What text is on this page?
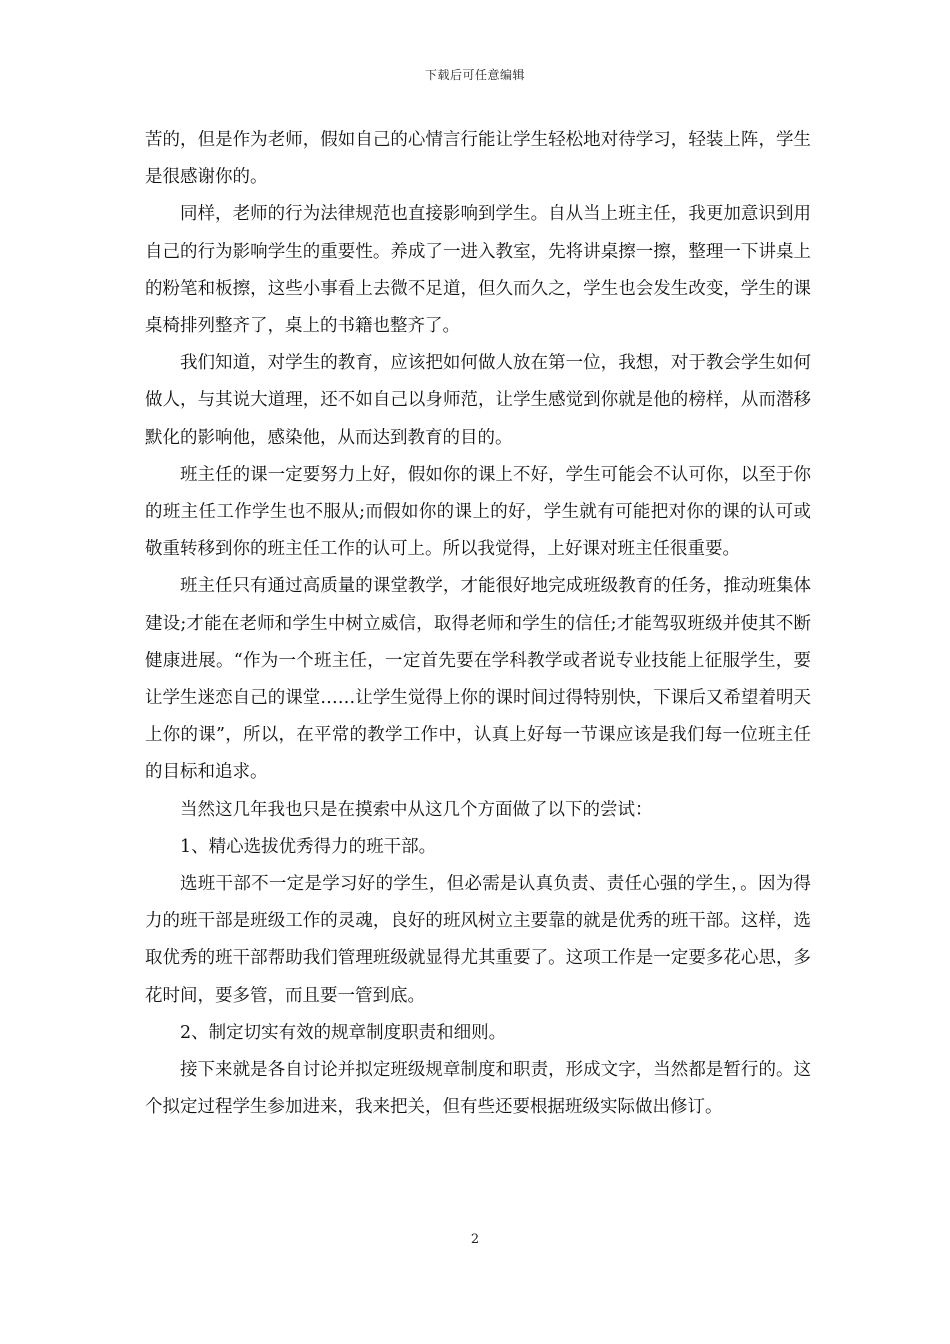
下载后可任意编辑

苦的，但是作为老师，假如自己的心情言行能让学生轻松地对待学习，轻装上阵，学生是很感谢你的。

同样，老师的行为法律规范也直接影响到学生。自从当上班主任，我更加意识到用自己的行为影响学生的重要性。养成了一进入教室，先将讲桌擦一擦，整理一下讲桌上的粉笔和板擦，这些小事看上去微不足道，但久而久之，学生也会发生改变，学生的课桌椅排列整齐了，桌上的书籍也整齐了。

我们知道，对学生的教育，应该把如何做人放在第一位，我想，对于教会学生如何做人，与其说大道理，还不如自己以身师范，让学生感觉到你就是他的榜样，从而潜移默化的影响他，感染他，从而达到教育的目的。

班主任的课一定要努力上好，假如你的课上不好，学生可能会不认可你，以至于你的班主任工作学生也不服从;而假如你的课上的好，学生就有可能把对你的课的认可或敬重转移到你的班主任工作的认可上。所以我觉得，上好课对班主任很重要。

班主任只有通过高质量的课堂教学，才能很好地完成班级教育的任务，推动班集体建设;才能在老师和学生中树立威信，取得老师和学生的信任;才能驾驭班级并使其不断健康进展。“作为一个班主任，一定首先要在学科教学或者说专业技能上征服学生，要让学生迷恋自己的课堂……让学生觉得上你的课时间过得特别快，下课后又希望着明天上你的课”，所以，在平常的教学工作中，认真上好每一节课应该是我们每一位班主任的目标和追求。

当然这几年我也只是在摸索中从这几个方面做了以下的尝试：

1、精心选拔优秀得力的班干部。

选班干部不一定是学习好的学生，但必需是认真负责、责任心强的学生，。因为得力的班干部是班级工作的灵魂，良好的班风树立主要靠的就是优秀的班干部。这样，选取优秀的班干部帮助我们管理班级就显得尤其重要了。这项工作是一定要多花心思，多花时间，要多管，而且要一管到底。

2、制定切实有效的规章制度职责和细则。

接下来就是各自讨论并拟定班级规章制度和职责，形成文字，当然都是暂行的。这个拟定过程学生参加进来，我来把关，但有些还要根据班级实际做出修订。

2
